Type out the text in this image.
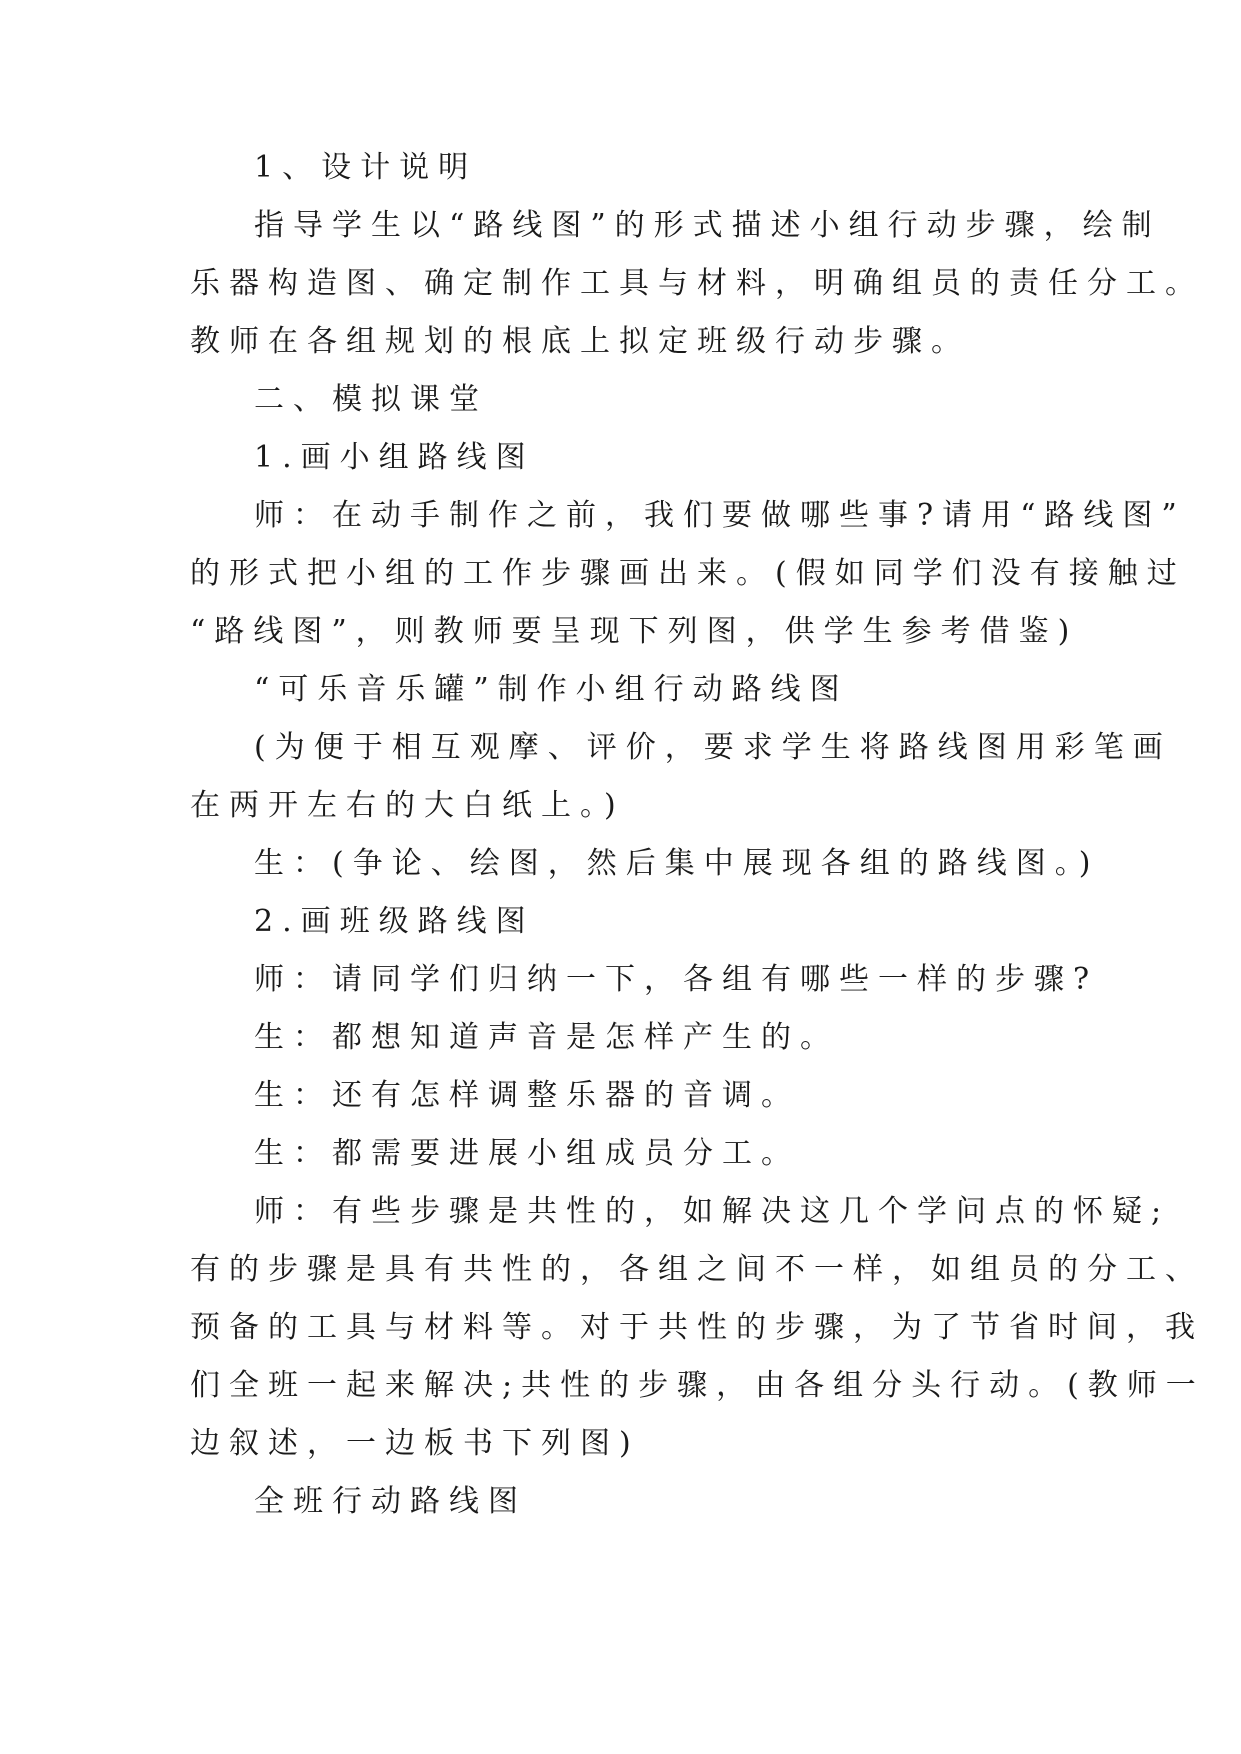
1、设计说明

指导学生以“路线图”的形式描述小组行动步骤，绘制

乐器构造图、确定制作工具与材料，明确组员的责任分工。

教师在各组规划的根底上拟定班级行动步骤。

二、模拟课堂

1.画小组路线图

师：在动手制作之前，我们要做哪些事?请用“路线图”

的形式把小组的工作步骤画出来。(假如同学们没有接触过

“路线图”，则教师要呈现下列图，供学生参考借鉴)

“可乐音乐罐”制作小组行动路线图

(为便于相互观摩、评价，要求学生将路线图用彩笔画

在两开左右的大白纸上。)

生：(争论、绘图，然后集中展现各组的路线图。)

2.画班级路线图

师：请同学们归纳一下，各组有哪些一样的步骤?

生：都想知道声音是怎样产生的。

生：还有怎样调整乐器的音调。

生：都需要进展小组成员分工。

师：有些步骤是共性的，如解决这几个学问点的怀疑;

有的步骤是具有共性的，各组之间不一样，如组员的分工、

预备的工具与材料等。对于共性的步骤，为了节省时间，我

们全班一起来解决;共性的步骤，由各组分头行动。(教师一

边叙述，一边板书下列图)

全班行动路线图
